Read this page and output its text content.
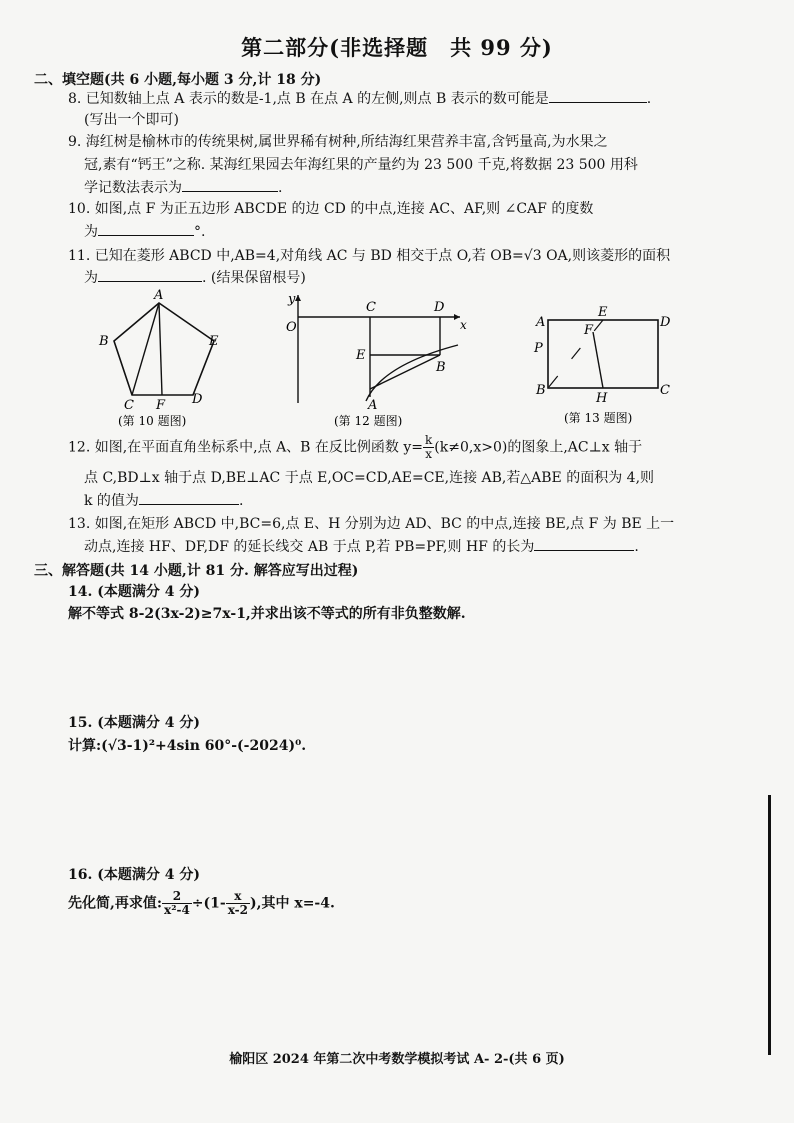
第二部分(非选择题　共 99 分)
二、填空题(共 6 小题,每小题 3 分,计 18 分)
8. 已知数轴上点 A 表示的数是-1,点 B 在点 A 的左侧,则点 B 表示的数可能是	.
(写出一个即可)
9. 海红树是榆林市的传统果树,属世界稀有树种,所结海红果营养丰富,含钙量高,为水果之
冠,素有“钙王”之称. 某海红果园去年海红果的产量约为 23 500 千克,将数据 23 500 用科
学记数法表示为	.
10. 如图,点 F 为正五边形 ABCDE 的边 CD 的中点,连接 AC、AF,则 ∠CAF 的度数
为	°.
11. 已知在菱形 ABCD 中,AB=4,对角线 AC 与 BD 相交于点 O,若 OB=√3 OA,则该菱形的面积
为	. (结果保留根号)
A
B	E
C F D
(第 10 题图)
y
O	x
C	D
E
B
A
(第 12 题图)
A
E
F
D
P
B
H
C
(第 13 题图)
12. 如图,在平面直角坐标系中,点 A、B 在反比例函数 $y= \frac{k}{x} (k\ne 0,x>0)$的图象上,AC⊥x 轴于
点 C,BD⊥x 轴于点 D,BE⊥AC 于点 E,OC=CD,AE=CE,连接 AB,若△ABE 的面积为 4,则
k 的值为	.
13. 如图,在矩形 ABCD 中,BC=6,点 E、H 分别为边 AD、BC 的中点,连接 BE,点 F 为 BE 上一
动点,连接 HF、DF,DF 的延长线交 AB 于点 P,若 PB=PF,则 HF 的长为	.
三、解答题(共 14 小题,计 81 分. 解答应写出过程)
14. (本题满分 4 分)
解不等式 8-2(3x-2)≥7x-1,并求出该不等式的所有非负整数解.
15. (本题满分 4 分)
计算:(√3-1)²+4sin 60°-(-2024)⁰.
16. (本题满分 4 分)
先化简,再求值: $\frac{2}{\text{x²-4}} \div(1- \frac{x}{x-2}$ ),其中 x=-4.
榆阳区 2024 年第二次中考数学模拟考试 A- 2-(共 6 页)
